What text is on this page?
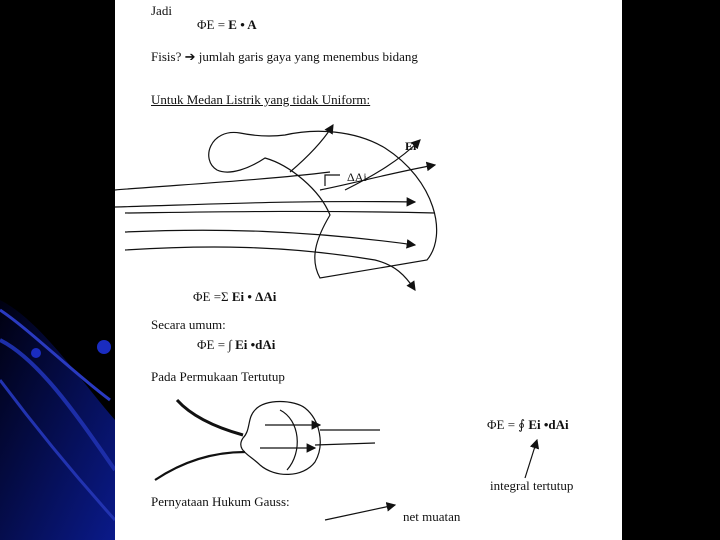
Jadi
ΦE = E • A
Fisis? ➔ jumlah garis gaya yang menembus bidang
Untuk Medan Listrik yang tidak Uniform:
Ei
ΔAi
ΦE =Σ Ei • ΔAi
Secara umum:
ΦE = ∫ Ei •dAi
Pada Permukaan Tertutup
ΦE = ∮ Ei •dAi
integral tertutup
Pernyataan Hukum Gauss:
net muatan
